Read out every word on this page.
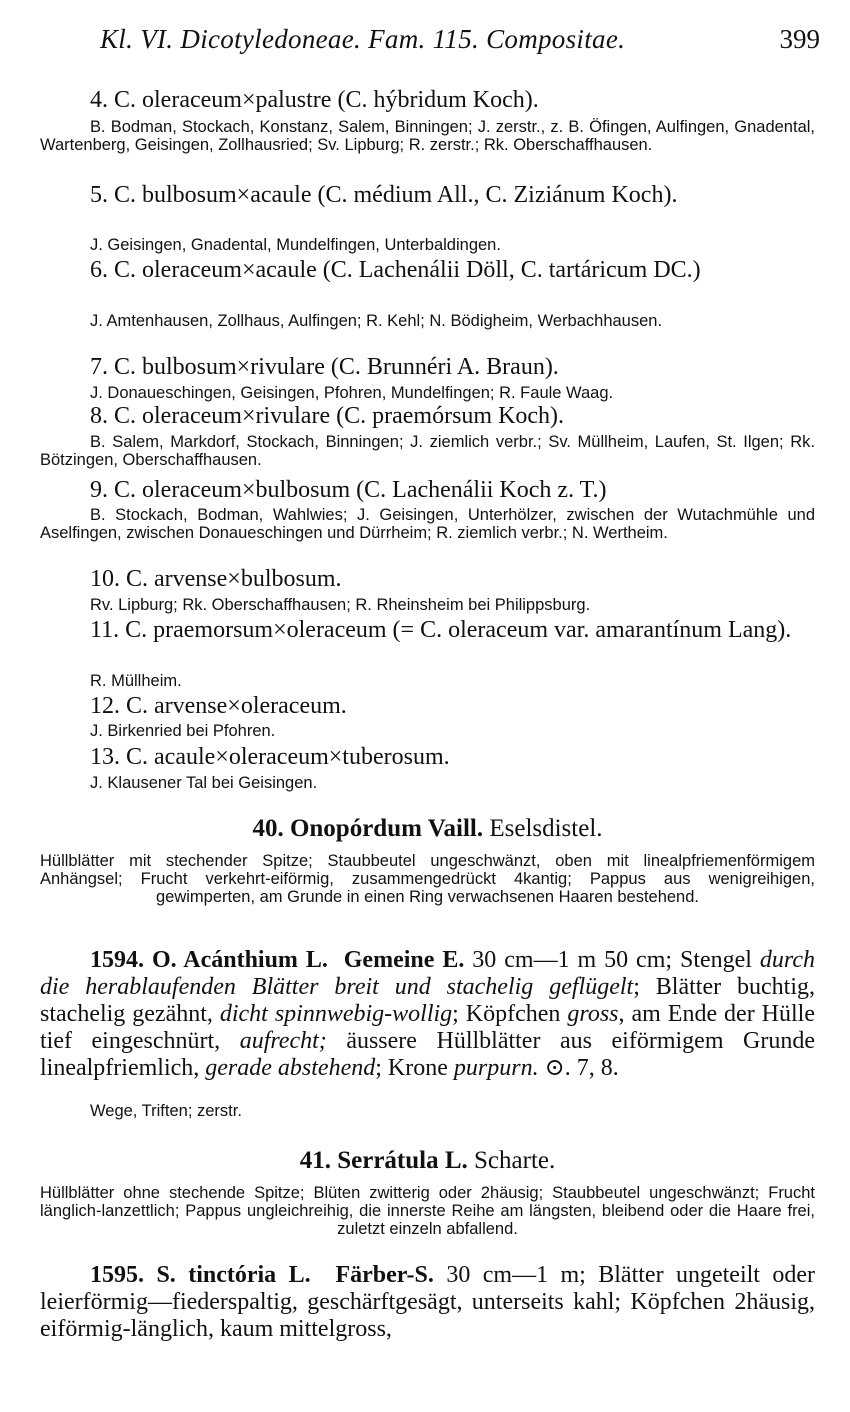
Kl. VI. Dicotyledoneae. Fam. 115. Compositae.	399

4. C. oleraceum×palustre (C. hýbridum Koch).

B. Bodman, Stockach, Konstanz, Salem, Binningen; J. zerstr., z. B. Öfingen, Aulfingen, Gnadental, Wartenberg, Geisingen, Zollhausried; Sv. Lipburg; R. zerstr.; Rk. Oberschaffhausen.

5. C. bulbosum×acaule (C. médium All., C. Ziziánum Koch).

J. Geisingen, Gnadental, Mundelfingen, Unterbaldingen.

6. C. oleraceum×acaule (C. Lachenálii Döll, C. tartáricum DC.)

J. Amtenhausen, Zollhaus, Aulfingen; R. Kehl; N. Bödigheim, Werbachhausen.

7. C. bulbosum×rivulare (C. Brunnéri A. Braun).

J. Donaueschingen, Geisingen, Pfohren, Mundelfingen; R. Faule Waag.

8. C. oleraceum×rivulare (C. praemórsum Koch).

B. Salem, Markdorf, Stockach, Binningen; J. ziemlich verbr.; Sv. Müllheim, Laufen, St. Ilgen; Rk. Bötzingen, Oberschaffhausen.

9. C. oleraceum×bulbosum (C. Lachenálii Koch z. T.)

B. Stockach, Bodman, Wahlwies; J. Geisingen, Unterhölzer, zwischen der Wutachmühle und Aselfingen, zwischen Donaueschingen und Dürrheim; R. ziemlich verbr.; N. Wertheim.

10. C. arvense×bulbosum.

Rv. Lipburg; Rk. Oberschaffhausen; R. Rheinsheim bei Philippsburg.

11. C. praemorsum×oleraceum (= C. oleraceum var. amarantínum Lang).

R. Müllheim.

12. C. arvense×oleraceum.

J. Birkenried bei Pfohren.

13. C. acaule×oleraceum×tuberosum.

J. Klausener Tal bei Geisingen.

40. Onopórdum Vaill. Eselsdistel.

Hüllblätter mit stechender Spitze; Staubbeutel ungeschwänzt, oben mit linealpfriemenförmigem Anhängsel; Frucht verkehrt-eiförmig, zusammengedrückt 4kantig; Pappus aus wenigreihigen, gewimperten, am Grunde in einen Ring verwachsenen Haaren bestehend.

1594. O. Acánthium L. Gemeine E. 30 cm—1 m 50 cm; Stengel durch die herablaufenden Blätter breit und stachelig geflügelt; Blätter buchtig, stachelig gezähnt, dicht spinnwebig-wollig; Köpfchen gross, am Ende der Hülle tief eingeschnürt, aufrecht; äussere Hüllblätter aus eiförmigem Grunde linealpfriemlich, gerade abstehend; Krone purpurn. ⊙. 7, 8.

Wege, Triften; zerstr.

41. Serrátula L. Scharte.

Hüllblätter ohne stechende Spitze; Blüten zwitterig oder 2häusig; Staubbeutel ungeschwänzt; Frucht länglich-lanzettlich; Pappus ungleichreihig, die innerste Reihe am längsten, bleibend oder die Haare frei, zuletzt einzeln abfallend.

1595. S. tinctória L. Färber-S. 30 cm—1 m; Blätter ungeteilt oder leierförmig—fiederspaltig, geschärftgesägt, unterseits kahl; Köpfchen 2häusig, eiförmig-länglich, kaum mittelgross,
